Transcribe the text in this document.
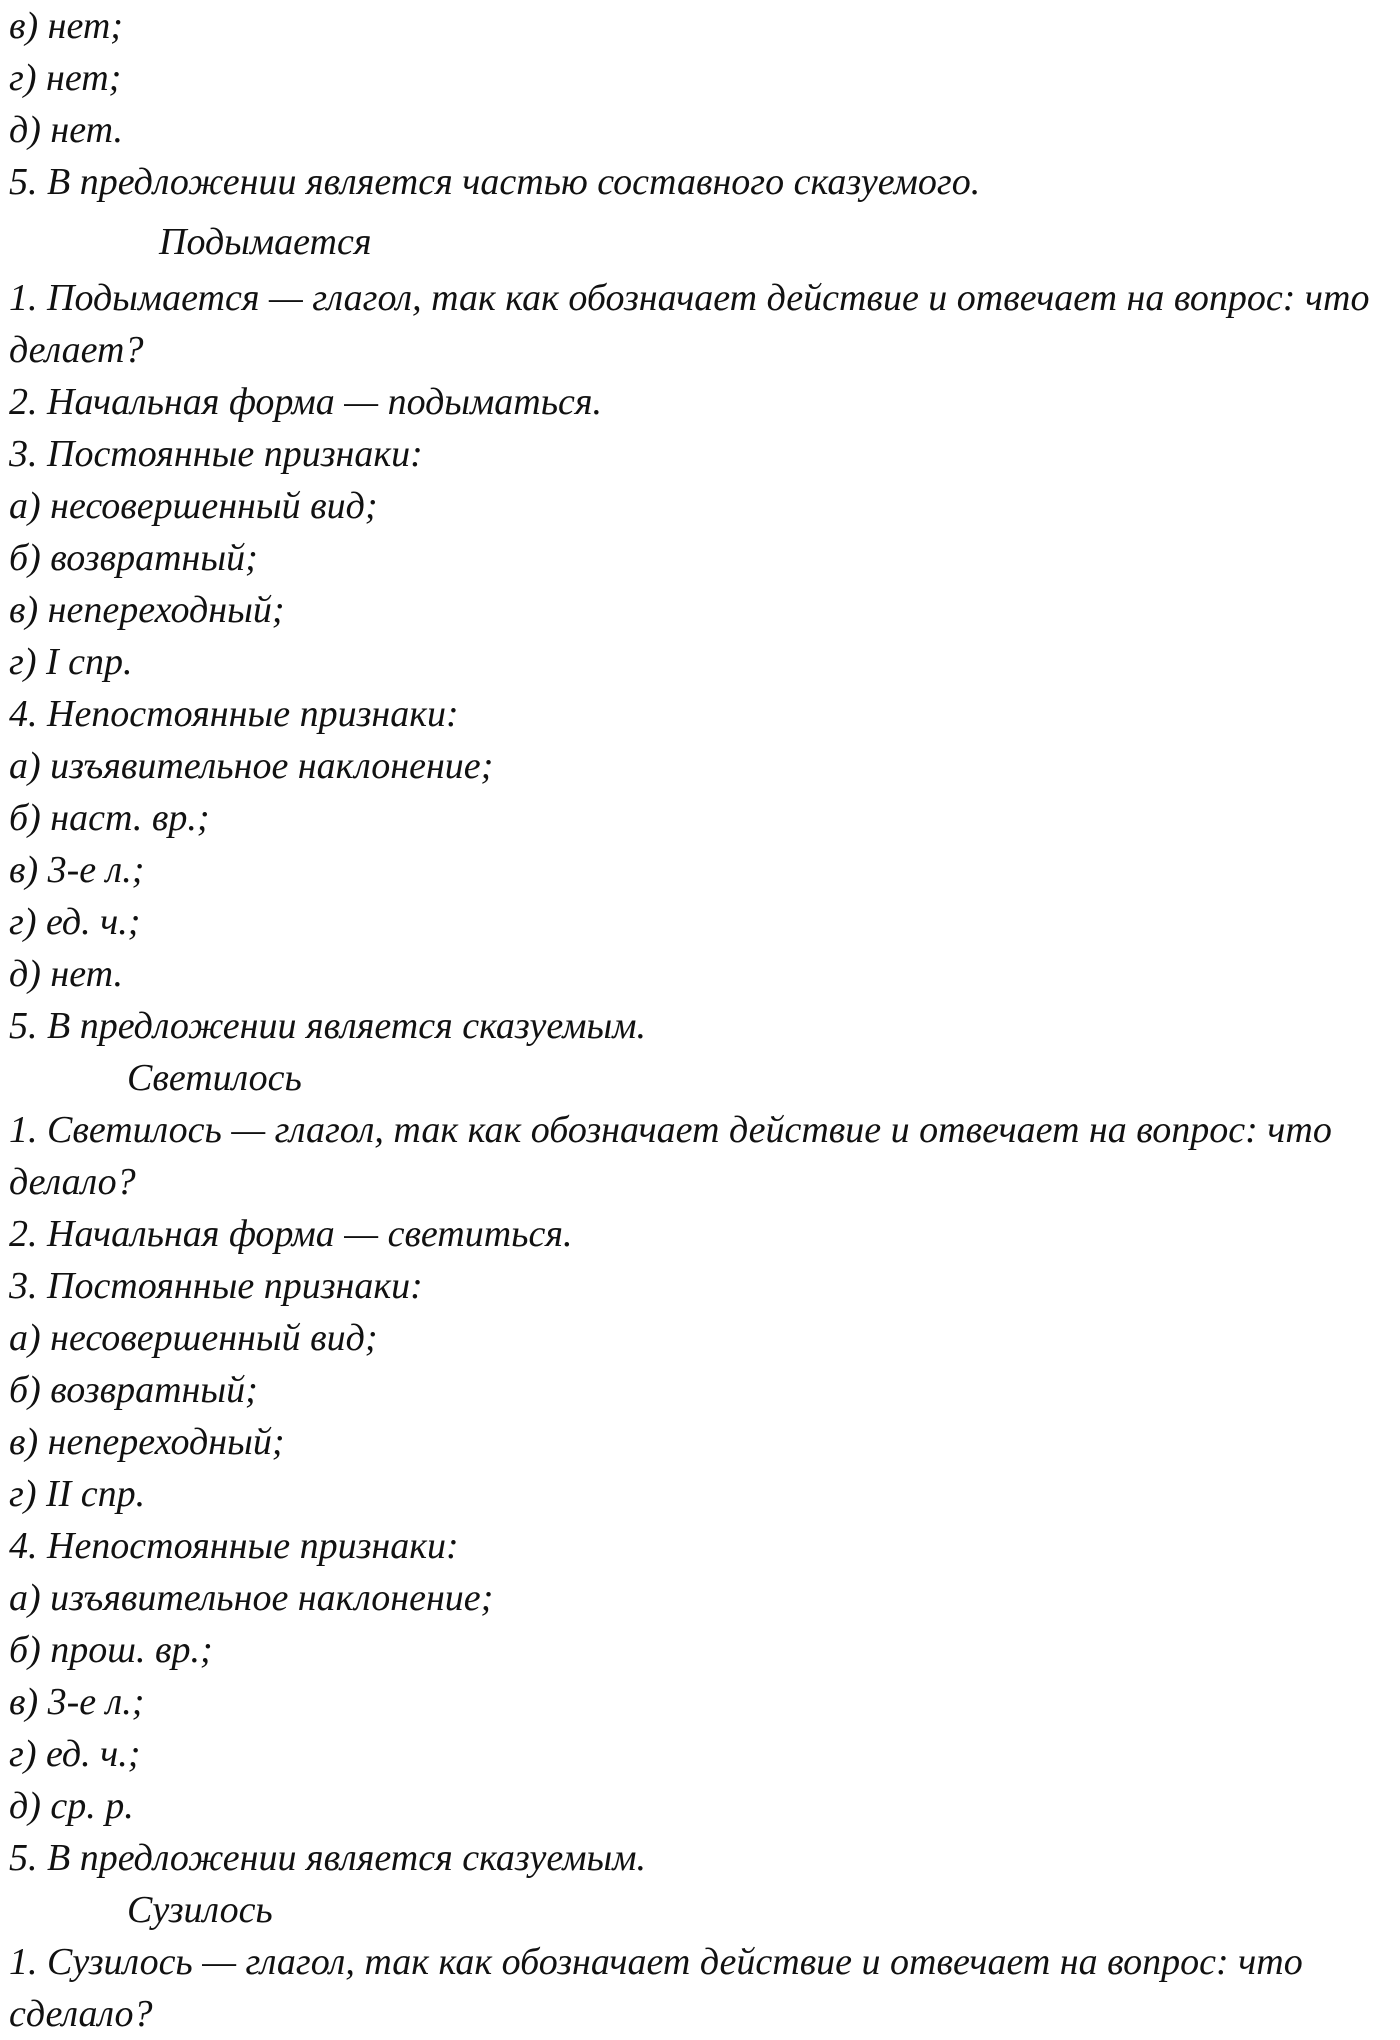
в) нет;
г) нет;
д) нет.
5. В предложении является частью составного сказуемого.
Подымается
1. Подымается — глагол, так как обозначает действие и отвечает на вопрос: что делает?
2. Начальная форма — подыматься.
3. Постоянные признаки:
а) несовершенный вид;
б) возвратный;
в) непереходный;
г) I спр.
4. Непостоянные признаки:
а) изъявительное наклонение;
б) наст. вр.;
в) 3-е л.;
г) ед. ч.;
д) нет.
5. В предложении является сказуемым.
Светилось
1. Светилось — глагол, так как обозначает действие и отвечает на вопрос: что делало?
2. Начальная форма — светиться.
3. Постоянные признаки:
а) несовершенный вид;
б) возвратный;
в) непереходный;
г) II спр.
4. Непостоянные признаки:
а) изъявительное наклонение;
б) прош. вр.;
в) 3-е л.;
г) ед. ч.;
д) ср. р.
5. В предложении является сказуемым.
Сузилось
1. Сузилось — глагол, так как обозначает действие и отвечает на вопрос: что сделало?
